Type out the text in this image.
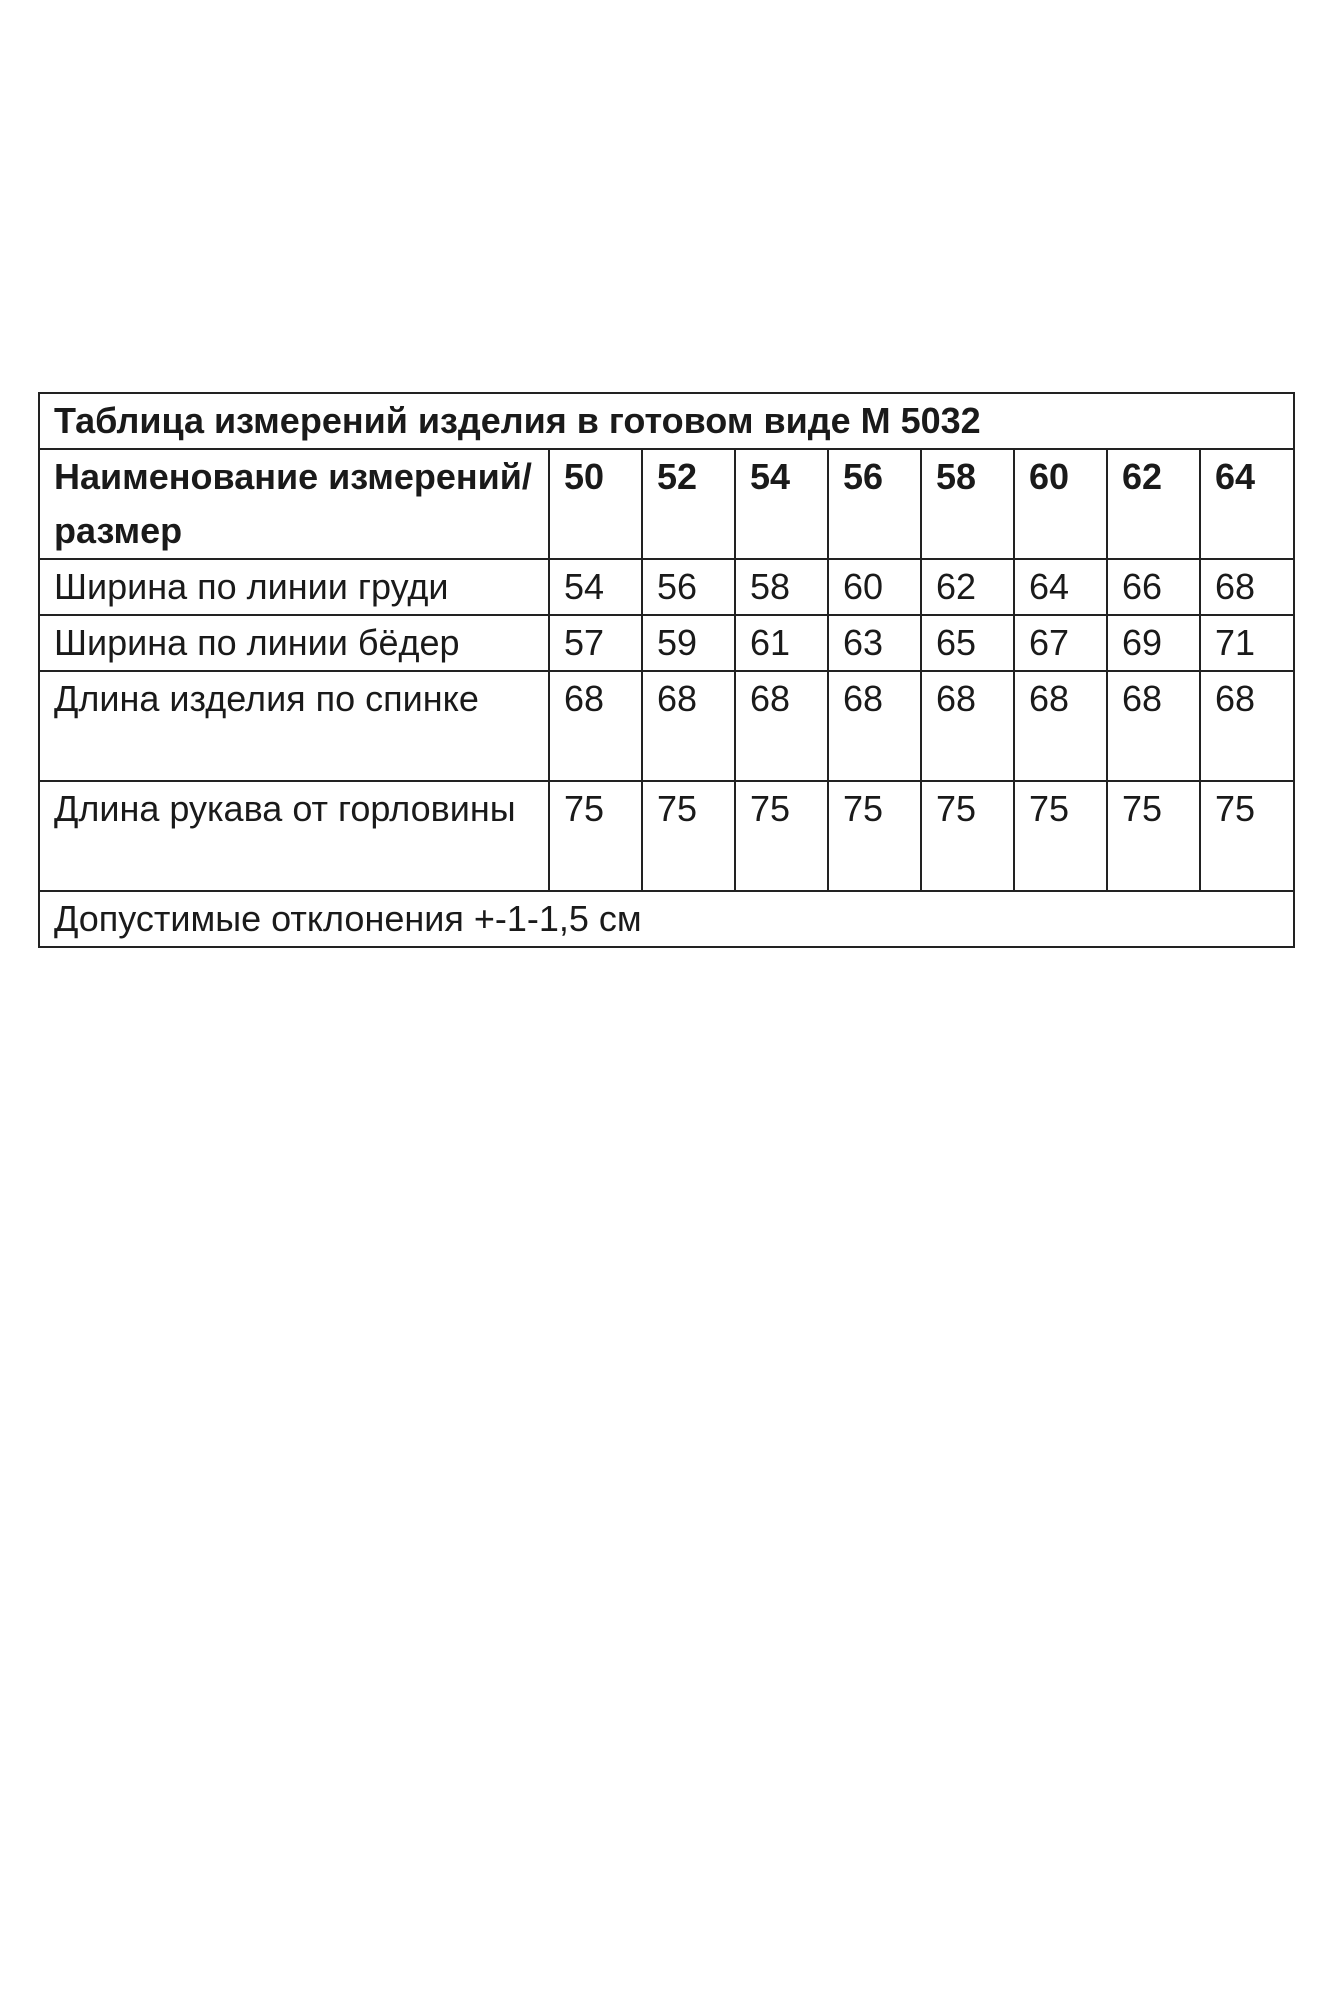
Таблица измерений изделия в готовом виде М 5032								
Наименование измерений/размер	50	52	54	56	58	60	62	64
Ширина по линии груди	54	56	58	60	62	64	66	68
Ширина по линии бёдер	57	59	61	63	65	67	69	71
Длина изделия по спинке	68	68	68	68	68	68	68	68
Длина рукава от горловины	75	75	75	75	75	75	75	75
Допустимые отклонения +-1-1,5 см								
